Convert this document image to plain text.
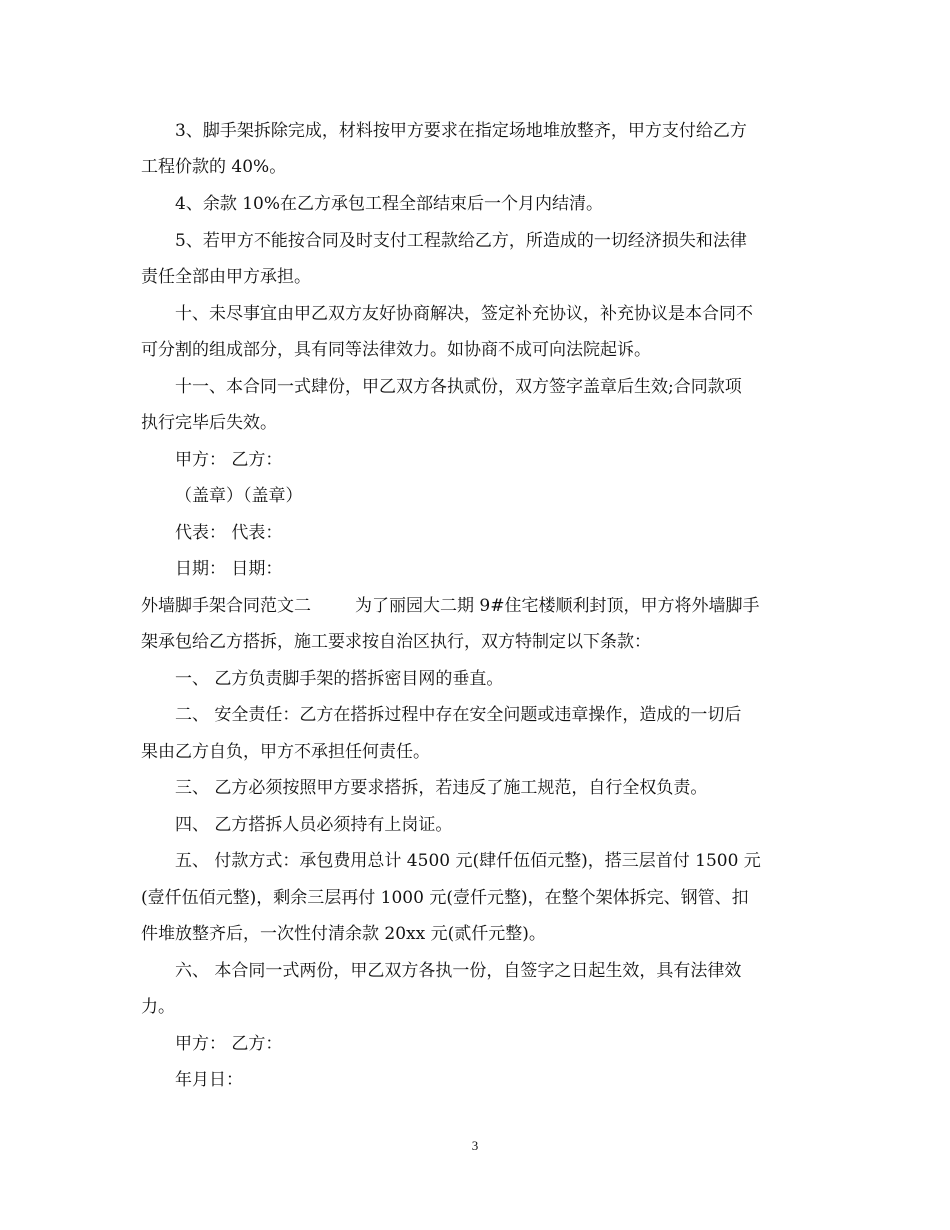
3、脚手架拆除完成，材料按甲方要求在指定场地堆放整齐，甲方支付给乙方
工程价款的 40%。
4、余款 10%在乙方承包工程全部结束后一个月内结清。
5、若甲方不能按合同及时支付工程款给乙方，所造成的一切经济损失和法律
责任全部由甲方承担。
十、未尽事宜由甲乙双方友好协商解决，签定补充协议，补充协议是本合同不
可分割的组成部分，具有同等法律效力。如协商不成可向法院起诉。
十一、本合同一式肆份，甲乙双方各执贰份，双方签字盖章后生效;合同款项
执行完毕后失效。
甲方： 乙方：
（盖章）（盖章）
代表： 代表：
日期： 日期：
外墙脚手架合同范文二	为了丽园大二期 9#住宅楼顺利封顶，甲方将外墙脚手
架承包给乙方搭拆，施工要求按自治区执行，双方特制定以下条款：
一、 乙方负责脚手架的搭拆密目网的垂直。
二、 安全责任：乙方在搭拆过程中存在安全问题或违章操作，造成的一切后
果由乙方自负，甲方不承担任何责任。
三、 乙方必须按照甲方要求搭拆，若违反了施工规范，自行全权负责。
四、 乙方搭拆人员必须持有上岗证。
五、 付款方式：承包费用总计 4500 元(肆仟伍佰元整)，搭三层首付 1500 元
(壹仟伍佰元整)，剩余三层再付 1000 元(壹仟元整)，在整个架体拆完、钢管、扣
件堆放整齐后，一次性付清余款 20xx 元(贰仟元整)。
六、 本合同一式两份，甲乙双方各执一份，自签字之日起生效，具有法律效
力。
甲方： 乙方：
年月日：
3
